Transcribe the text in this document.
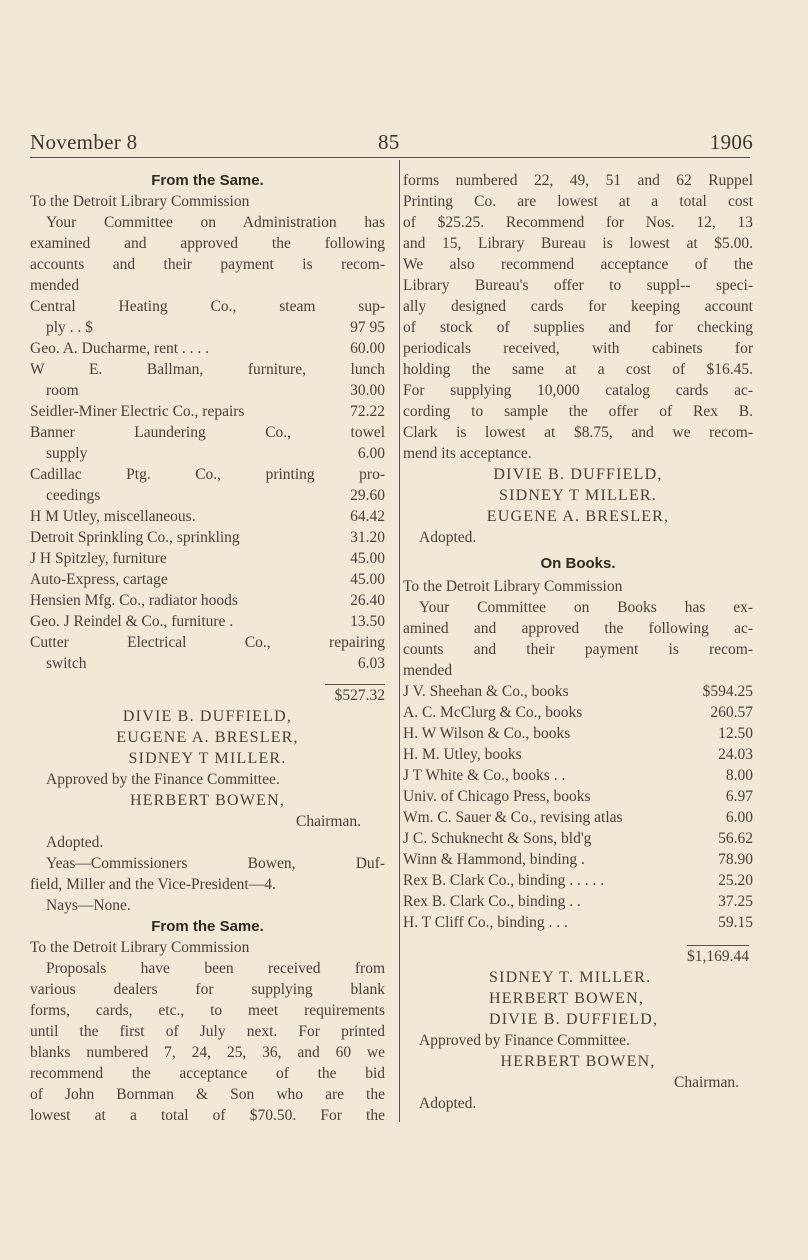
November 8	85	1906
From the Same.

To the Detroit Library Commission

Your Committee on Administration has

examined and approved the following

accounts and their payment is recom-

mended

Central Heating Co., steam sup-
ply . . $	97 95
Geo. A. Ducharme, rent . . . .	60.00
W E. Ballman, furniture, lunch
room	30.00
Seidler-Miner Electric Co., repairs	72.22
Banner Laundering Co., towel
supply	6.00
Cadillac Ptg. Co., printing pro-
ceedings	29.60
H M Utley, miscellaneous.	64.42
Detroit Sprinkling Co., sprinkling	31.20
J H Spitzley, furniture	45.00
Auto-Express, cartage	45.00
Hensien Mfg. Co., radiator hoods	26.40
Geo. J Reindel & Co., furniture .	13.50
Cutter Electrical Co., repairing
switch	6.03
$527.32
DIVIE B. DUFFIELD,
EUGENE A. BRESLER,
SIDNEY T MILLER.

Approved by the Finance Committee.

HERBERT BOWEN,
Chairman.

Adopted.

Yeas—Commissioners Bowen, Duf-

field, Miller and the Vice-President—4.

Nays—None.

From the Same.

To the Detroit Library Commission

Proposals have been received from

various dealers for supplying blank

forms, cards, etc., to meet requirements

until the first of July next. For printed

blanks numbered 7, 24, 25, 36, and 60 we

recommend the acceptance of the bid

of John Bornman & Son who are the

lowest at a total of $70.50. For the

forms numbered 22, 49, 51 and 62 Ruppel

Printing Co. are lowest at a total cost

of $25.25. Recommend for Nos. 12, 13

and 15, Library Bureau is lowest at $5.00.

We also recommend acceptance of the

Library Bureau's offer to suppl-- speci-

ally designed cards for keeping account

of stock of supplies and for checking

periodicals received, with cabinets for

holding the same at a cost of $16.45.

For supplying 10,000 catalog cards ac-

cording to sample the offer of Rex B.

Clark is lowest at $8.75, and we recom-

mend its acceptance.

DIVIE B. DUFFIELD,
SIDNEY T MILLER.
EUGENE A. BRESLER,

Adopted.

On Books.

To the Detroit Library Commission

Your Committee on Books has ex-

amined and approved the following ac-

counts and their payment is recom-

mended

J V. Sheehan & Co., books	$594.25
A. C. McClurg & Co., books	260.57
H. W Wilson & Co., books	12.50
H. M. Utley, books	24.03
J T White & Co., books . .	8.00
Univ. of Chicago Press, books	6.97
Wm. C. Sauer & Co., revising atlas	6.00
J C. Schuknecht & Sons, bld'g	56.62
Winn & Hammond, binding .	78.90
Rex B. Clark Co., binding . . . . .	25.20
Rex B. Clark Co., binding . .	37.25
H. T Cliff Co., binding . . .	59.15
$1,169.44
SIDNEY T. MILLER.
HERBERT BOWEN,
DIVIE B. DUFFIELD,

Approved by Finance Committee.

HERBERT BOWEN,
Chairman.

Adopted.
